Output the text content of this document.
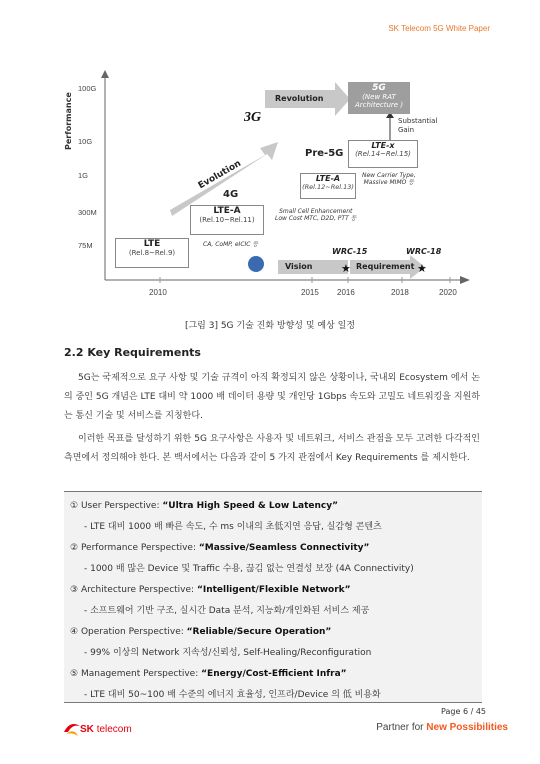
SK Telecom 5G White Paper
Performance
100G
10G
1G
300M
75M
★	★
3G
5G
(New RAT
Architecture )
Revolution
Substantial
Gain
LTE-x
(Rel.14~Rel.15)
Pre-5G
New Carrier Type,
Massive MIMO 등
LTE-A
(Rel.12~Rel.13)
Small Cell Enhancement
Low Cost MTC, D2D, PTT 등
4G
LTE-A
(Rel.10~Rel.11)
CA, CoMP, eICIC 등
LTE
(Rel.8~Rel.9)
Evolution
Vision	Requirement
WRC-15	WRC-18
2010	2015 2016	2018	2020
[그림 3] 5G 기술 진화 방향성 및 예상 일정
2.2 Key Requirements
5G는 국제적으로 요구 사항 및 기술 규격이 아직 확정되지 않은 상황이나, 국내외 Ecosystem 에서 논의 중인 5G 개념은 LTE 대비 약 1000 배 데이터 용량 및 개인당 1Gbps 속도와 고밀도 네트워킹을 지원하는 통신 기술 및 서비스를 지칭한다.
이러한 목표를 달성하기 위한 5G 요구사항은 사용자 및 네트워크, 서비스 관점을 모두 고려한 다각적인 측면에서 정의해야 한다. 본 백서에서는 다음과 같이 5 가지 관점에서 Key Requirements 를 제시한다.
① User Perspective: “Ultra High Speed & Low Latency”
- LTE 대비 1000 배 빠른 속도, 수 ms 이내의 초低지연 응답, 실감형 콘텐츠
② Performance Perspective: “Massive/Seamless Connectivity”
- 1000 배 많은 Device 및 Traffic 수용, 끊김 없는 연결성 보장 (4A Connectivity)
③ Architecture Perspective: “Intelligent/Flexible Network”
- 소프트웨어 기반 구조, 실시간 Data 분석, 지능화/개인화된 서비스 제공
④ Operation Perspective: “Reliable/Secure Operation”
- 99% 이상의 Network 지속성/신뢰성, Self-Healing/Reconfiguration
⑤ Management Perspective: “Energy/Cost-Efficient Infra”
- LTE 대비 50~100 배 수준의 에너지 효율성, 인프라/Device 의 低 비용화
Page 6 / 45
SK telecom	Partner for New Possibilities
